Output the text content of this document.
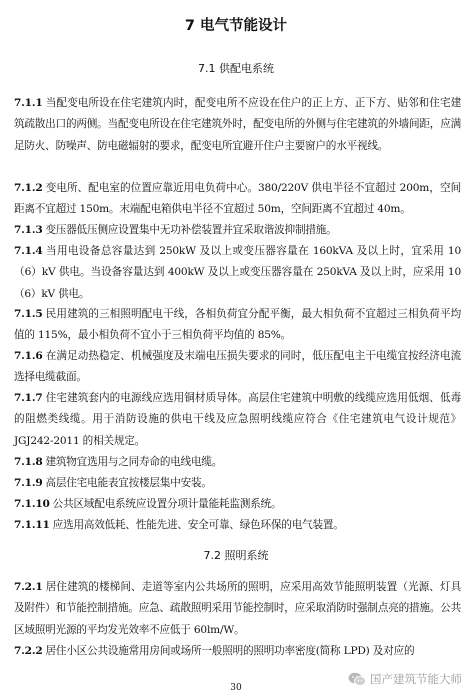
7 电气节能设计
7.1 供配电系统
7.1.1 当配变电所设在住宅建筑内时，配变电所不应设在住户的正上方、正下方、贴邻和住宅建筑疏散出口的两侧。当配变电所设在住宅建筑外时，配变电所的外侧与住宅建筑的外墙间距，应满足防火、防噪声、防电磁辐射的要求，配变电所宜避开住户主要窗户的水平视线。
7.1.2 变电所、配电室的位置应靠近用电负荷中心。380/220V 供电半径不宜超过 200m，空间距离不宜超过 150m。末端配电箱供电半径不宜超过 50m，空间距离不宜超过 40m。
7.1.3 变压器低压侧应设置集中无功补偿装置并宜采取谐波抑制措施。
7.1.4 当用电设备总容量达到 250kW 及以上或变压器容量在 160kVA 及以上时，宜采用 10（6）kV 供电。当设备容量达到 400kW 及以上或变压器容量在 250kVA 及以上时，应采用 10（6）kV 供电。
7.1.5 民用建筑的三相照明配电干线，各相负荷宜分配平衡，最大相负荷不宜超过三相负荷平均值的 115%，最小相负荷不宜小于三相负荷平均值的 85%。
7.1.6 在满足动热稳定、机械强度及末端电压损失要求的同时，低压配电主干电缆宜按经济电流选择电缆截面。
7.1.7 住宅建筑套内的电源线应选用铜材质导体。高层住宅建筑中明敷的线缆应选用低烟、低毒的阻燃类线缆。用于消防设施的供电干线及应急照明线缆应符合《住宅建筑电气设计规范》JGJ242-2011 的相关规定。
7.1.8 建筑物宜选用与之同寿命的电线电缆。
7.1.9 高层住宅电能表宜按楼层集中安装。
7.1.10 公共区域配电系统应设置分项计量能耗监测系统。
7.1.11 应选用高效低耗、性能先进、安全可靠、绿色环保的电气装置。
7.2 照明系统
7.2.1 居住建筑的楼梯间、走道等室内公共场所的照明，应采用高效节能照明装置（光源、灯具及附件）和节能控制措施。应急、疏散照明采用节能控制时，应采取消防时强制点亮的措施。公共区域照明光源的平均发光效率不应低于 60lm/W。
7.2.2 居住小区公共设施常用房间或场所一般照明的照明功率密度(简称 LPD) 及对应的
30
国产建筑节能大师
